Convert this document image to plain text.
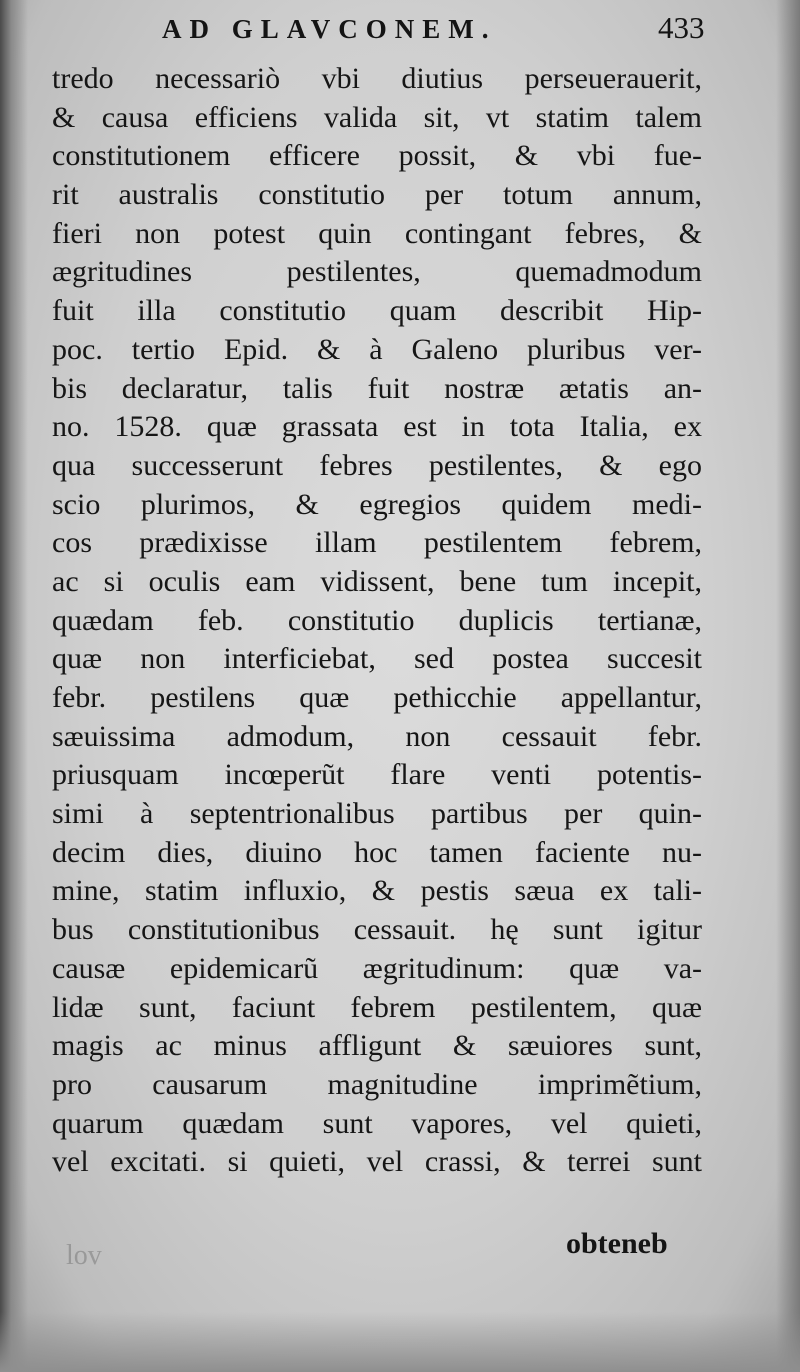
AD GLAVCONEM.	433
tredo necessariò vbi diutius perseuerauerit,
& causa efficiens valida sit, vt statim talem
constitutionem efficere possit, & vbi fue-
rit australis constitutio per totum annum,
fieri non potest quin contingant febres, &
ægritudines pestilentes, quemadmodum
fuit illa constitutio quam describit Hip-
poc. tertio Epid. & à Galeno pluribus ver-
bis declaratur, talis fuit nostræ ætatis an-
no. 1528. quæ grassata est in tota Italia, ex
qua successerunt febres pestilentes, & ego
scio plurimos, & egregios quidem medi-
cos prædixisse illam pestilentem febrem,
ac si oculis eam vidissent, bene tum incepit,
quædam feb. constitutio duplicis tertianæ,
quæ non interficiebat, sed postea succesit
febr. pestilens quæ pethicchie appellantur,
sæuissima admodum, non cessauit febr.
priusquam incœperũt flare venti potentis-
simi à septentrionalibus partibus per quin-
decim dies, diuino hoc tamen faciente nu-
mine, statim influxio, & pestis sæua ex tali-
bus constitutionibus cessauit. hę sunt igitur
causæ epidemicarũ ægritudinum: quæ va-
lidæ sunt, faciunt febrem pestilentem, quæ
magis ac minus affligunt & sæuiores sunt,
pro causarum magnitudine imprimẽtium,
quarum quædam sunt vapores, vel quieti,
vel excitati. si quieti, vel crassi, & terrei sunt
lov	obteneb
